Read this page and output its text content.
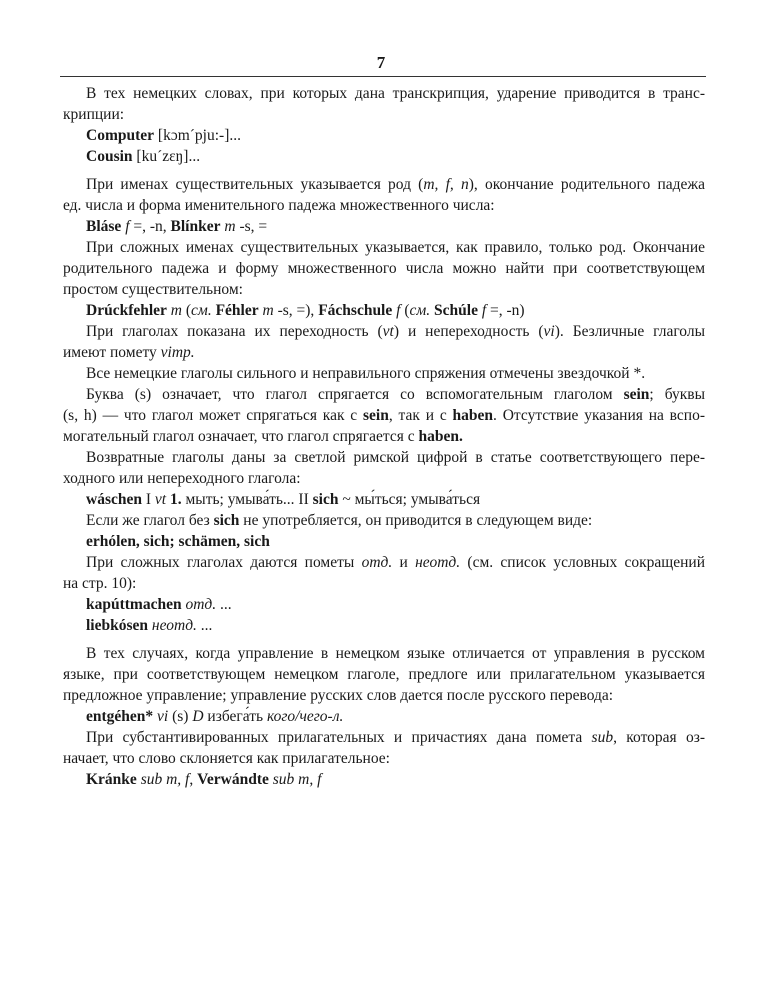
7
В тех немецких словах, при которых дана транскрипция, ударение приводится в транс-
крипции:
Computer [kɔm´pju:-]...
Cousin [ku´zɛŋ]...
При именах существительных указывается род (m, f, n), окончание родительного падежа
ед. числа и форма именительного падежа множественного числа:
Bláse f =, -n, Blínker m -s, =
При сложных именах существительных указывается, как правило, только род. Окончание
родительного падежа и форму множественного числа можно найти при соответствующем
простом существительном:
Drúckfehler m (см. Féhler m -s, =), Fáchschule f (см. Schúle f =, -n)
При глаголах показана их переходность (vt) и непереходность (vi). Безличные глаголы
имеют помету vimp.
Все немецкие глаголы сильного и неправильного спряжения отмечены звездочкой *.
Буква (s) означает, что глагол спрягается со вспомогательным глаголом sein; буквы
(s, h) — что глагол может спрягаться как с sein, так и с haben. Отсутствие указания на вспо-
могательный глагол означает, что глагол спрягается с haben.
Возвратные глаголы даны за светлой римской цифрой в статье соответствующего пере-
ходного или непереходного глагола:
wáschen I vt 1. мыть; умыва́ть... II sich ~ мы́ться; умыва́ться
Если же глагол без sich не употребляется, он приводится в следующем виде:
erhólen, sich; schämen, sich
При сложных глаголах даются пометы отд. и неотд. (см. список условных сокращений
на стр. 10):
kapúttmachen отд. ...
liebkósen неотд. ...
В тех случаях, когда управление в немецком языке отличается от управления в русском
языке, при соответствующем немецком глаголе, предлоге или прилагательном указывается
предложное управление; управление русских слов дается после русского перевода:
entgéhen* vi (s) D избега́ть кого/чего-л.
При субстантивированных прилагательных и причастиях дана помета sub, которая оз-
начает, что слово склоняется как прилагательное:
Kránke sub m, f, Verwándte sub m, f
